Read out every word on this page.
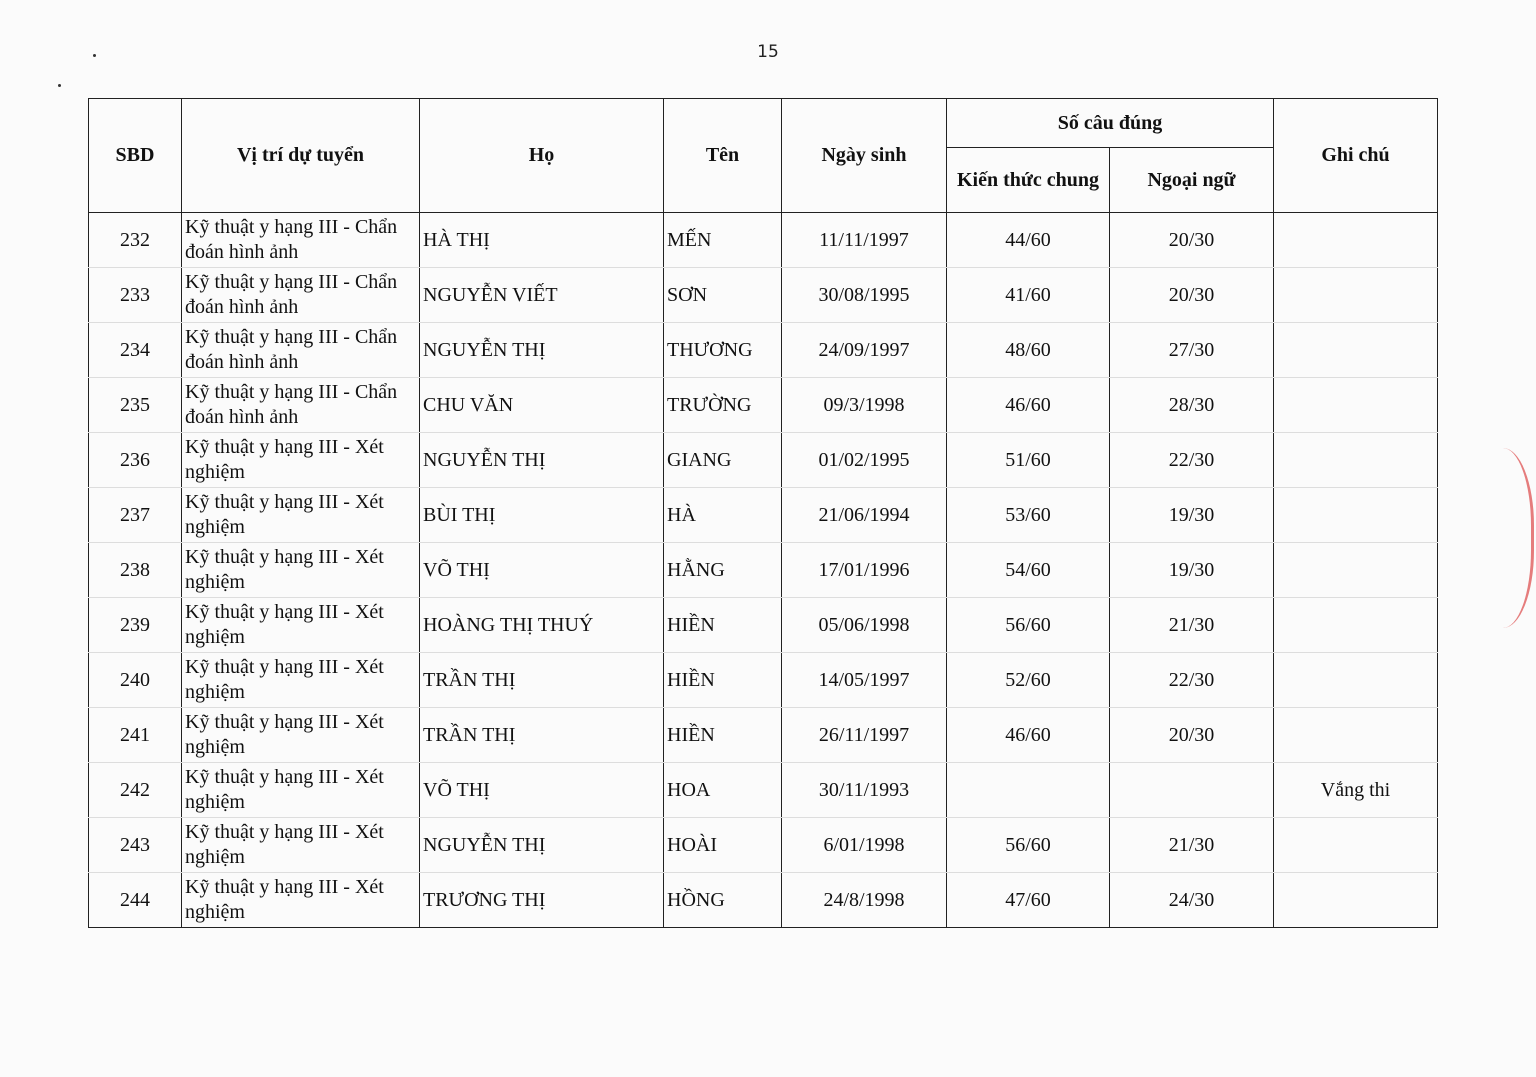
15
SBD	Vị trí dự tuyển	Họ	Tên	Ngày sinh	Số câu đúng		Ghi chú
					Kiến thức chung	Ngoại ngữ	
232	Kỹ thuật y hạng III - Chẩn đoán hình ảnh	HÀ THỊ	MẾN	11/11/1997	44/60	20/30	
233	Kỹ thuật y hạng III - Chẩn đoán hình ảnh	NGUYỄN VIẾT	SƠN	30/08/1995	41/60	20/30	
234	Kỹ thuật y hạng III - Chẩn đoán hình ảnh	NGUYỄN THỊ	THƯƠNG	24/09/1997	48/60	27/30	
235	Kỹ thuật y hạng III - Chẩn đoán hình ảnh	CHU VĂN	TRƯỜNG	09/3/1998	46/60	28/30	
236	Kỹ thuật y hạng III - Xét nghiệm	NGUYỄN THỊ	GIANG	01/02/1995	51/60	22/30	
237	Kỹ thuật y hạng III - Xét nghiệm	BÙI THỊ	HÀ	21/06/1994	53/60	19/30	
238	Kỹ thuật y hạng III - Xét nghiệm	VÕ THỊ	HẰNG	17/01/1996	54/60	19/30	
239	Kỹ thuật y hạng III - Xét nghiệm	HOÀNG THỊ THUÝ	HIỀN	05/06/1998	56/60	21/30	
240	Kỹ thuật y hạng III - Xét nghiệm	TRẦN THỊ	HIỀN	14/05/1997	52/60	22/30	
241	Kỹ thuật y hạng III - Xét nghiệm	TRẦN THỊ	HIỀN	26/11/1997	46/60	20/30	
242	Kỹ thuật y hạng III - Xét nghiệm	VÕ THỊ	HOA	30/11/1993			Vắng thi
243	Kỹ thuật y hạng III - Xét nghiệm	NGUYỄN THỊ	HOÀI	6/01/1998	56/60	21/30	
244	Kỹ thuật y hạng III - Xét nghiệm	TRƯƠNG THỊ	HỒNG	24/8/1998	47/60	24/30	
